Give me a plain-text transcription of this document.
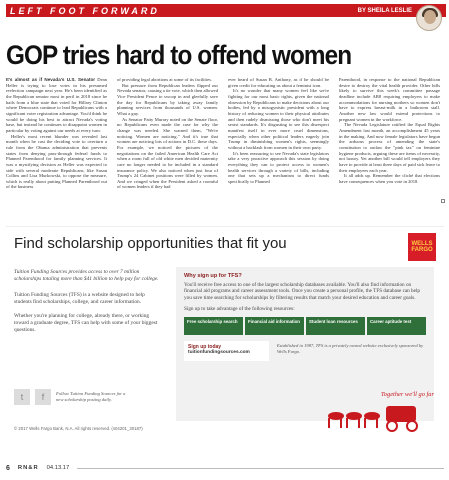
LEFT FOOT FORWARD	BY SHEILA LESLIE
GOP tries hard to offend women

It's almost as if Nevada's U.S. Senator Dean Heller is trying to lose votes in his presumed reelection campaign next year. He's been identified as the Republican senator most in peril in 2018 since he hails from a blue state that voted for Hillary Clinton where Democrats continue to lead Republicans with a significant voter registration advantage. You'd think he would be doing his best to attract Nevada's voting base, but instead he continues to disappoint women in particular by voting against our needs at every turn.

Heller's most recent blunder was revealed last month when he cast the deciding vote to overturn a rule from the Obama administration that prevents states from denying pass-through federal funds to Planned Parenthood for family planning services. It was a mystifying decision as Heller was expected to side with several moderate Republicans, like Susan Collins and Lisa Murkowski, to oppose the measure, which is really about putting Planned Parenthood out of the business

of providing legal abortions at some of its facilities.

But pressure from Republican leaders flipped our Nevada senator, causing a tie vote, which then allowed Vice President Pence to swoop in and gleefully save the day for Republicans by taking away family planning services from thousands of U.S. women. What a guy.

As Senator Patty Murray noted on the Senate floor, no Republicans even made the case for why the change was needed. She warned them, "We're noticing. Women are noticing." And it's true that women are noticing lots of actions in D.C. these days. For example, we noticed the pictures of the negotiations on the failed American Health Care Act when a room full of old white men decided maternity care no longer needed to be included in a standard insurance policy. We also noticed when just four of Trump's 24 Cabinet positions were filled by women. And we cringed when the President asked a roomful of women leaders if they had

ever heard of Susan B. Anthony, as if he should be given credit for educating us about a feminist icon.

It's no wonder that many women feel like we're fighting for our most basic rights, given the national obsession by Republicans to make decisions about our bodies, led by a misogynistic president with a long history of reducing women to their physical attributes and then rudely dismissing those who don't meet his sexist standards. It's disgusting to see this disrespect manifest itself in ever more cruel dimensions, especially when other political leaders eagerly join Trump in diminishing women's rights, seemingly without a backlash from women in their own party.

It's been reassuring to see Nevada's state legislators take a very proactive approach this session by doing everything they can to protect access to women's health services through a variety of bills, including one that sets up a mechanism to direct funds specifically to Planned

Parenthood, in response to the national Republican desire to destroy the vital health provider. Other bills likely to survive this week's committee passage deadline include AB8 requiring employers to make accommodations for nursing mothers so women don't have to express breast-milk in a bathroom stall. Another new law would extend protections to pregnant women in the workforce.

The Nevada Legislature ratified the Equal Rights Amendment last month, an accomplishment 45 years in the making. And now female legislators have begun the arduous process of amending the state's constitution to outlaw the "pink tax" on feminine hygiene products, arguing these are items of necessity, not luxury. Yet another bill would tell employers they have to provide at least three days of paid sick leave to their employees each year.

It all adds up. Remember the cliché that elections have consequences when you vote in 2018.

Find scholarship opportunities that fit you	WELLS FARGO
Tuition Funding Sources provides access to over 7 million scholarships totaling more than $41 billion to help pay for college.
Tuition Funding Sources (TFS) is a website designed to help students find scholarships, college, and career information.
Whether you're planning for college, already there, or working toward a graduate degree, TFS can help with some of your biggest questions.
t	f	Follow Tuition Funding Sources for a new scholarship posting daily.
© 2017 Wells Fargo Bank, N.A. All rights reserved. (s04201_30187)
Why sign up for TFS?
You'll receive free access to one of the largest scholarship databases available. You'll also find information on financial aid programs and career assessment tools. Once you create a personal profile, the TFS database can help you save time searching for scholarships by filtering results that match your desired education and career goals.
Sign up to take advantage of the following resources:
Free scholarship search	Financial aid information	Student loan resources	Career aptitude test
Sign up today
tuitionfundingsources.com
Established in 1987, TFS is a privately owned website exclusively sponsored by Wells Fargo.
Together we'll go far
6 RN&R 04.13.17
